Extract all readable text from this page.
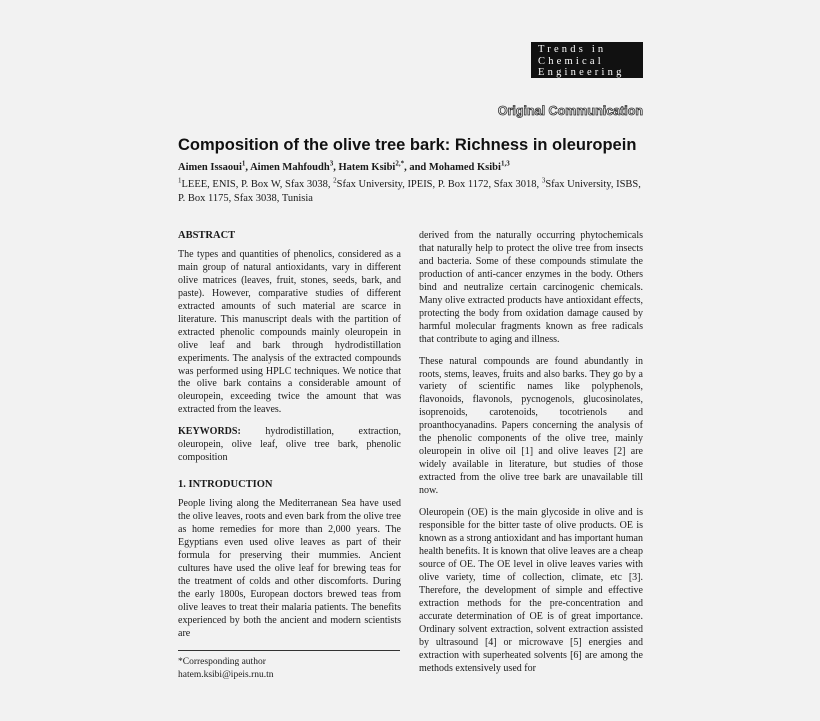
Trends in
Chemical
Engineering
Original Communication
Composition of the olive tree bark: Richness in oleuropein
Aimen Issaoui$^1$, Aimen Mahfoudh$^3$, Hatem Ksibi$^{2,*}$, and Mohamed Ksibi$^{1,3}$
$^1$LEEE, ENIS, P. Box W, Sfax 3038, $^2$Sfax University, IPEIS, P. Box 1172, Sfax 3018, $^3$Sfax University, ISBS, P. Box 1175, Sfax 3038, Tunisia
ABSTRACT

The types and quantities of phenolics, considered as a main group of natural antioxidants, vary in different olive matrices (leaves, fruit, stones, seeds, bark, and paste). However, comparative studies of different extracted amounts of such material are scarce in literature. This manuscript deals with the partition of extracted phenolic compounds mainly oleuropein in olive leaf and bark through hydrodistillation experiments. The analysis of the extracted compounds was performed using HPLC techniques. We notice that the olive bark contains a considerable amount of oleuropein, exceeding twice the amount that was extracted from the leaves.

KEYWORDS: hydrodistillation, extraction, oleuropein, olive leaf, olive tree bark, phenolic composition

1. INTRODUCTION

People living along the Mediterranean Sea have used the olive leaves, roots and even bark from the olive tree as home remedies for more than 2,000 years. The Egyptians even used olive leaves as part of their formula for preserving their mummies. Ancient cultures have used the olive leaf for brewing teas for the treatment of colds and other discomforts. During the early 1800s, European doctors brewed teas from olive leaves to treat their malaria patients. The benefits experienced by both the ancient and modern scientists are

*Corresponding author
hatem.ksibi@ipeis.rnu.tn

derived from the naturally occurring phytochemicals that naturally help to protect the olive tree from insects and bacteria. Some of these compounds stimulate the production of anti-cancer enzymes in the body. Others bind and neutralize certain carcinogenic chemicals. Many olive extracted products have antioxidant effects, protecting the body from oxidation damage caused by harmful molecular fragments known as free radicals that contribute to aging and illness.

These natural compounds are found abundantly in roots, stems, leaves, fruits and also barks. They go by a variety of scientific names like polyphenols, flavonoids, flavonols, pycnogenols, glucosinolates, isoprenoids, carotenoids, tocotrienols and proanthocyanadins. Papers concerning the analysis of the phenolic components of the olive tree, mainly oleuropein in olive oil [1] and olive leaves [2] are widely available in literature, but studies of those extracted from the olive tree bark are unavailable till now.

Oleuropein (OE) is the main glycoside in olive and is responsible for the bitter taste of olive products. OE is known as a strong antioxidant and has important human health benefits. It is known that olive leaves are a cheap source of OE. The OE level in olive leaves varies with olive variety, time of collection, climate, etc [3]. Therefore, the development of simple and effective extraction methods for the pre-concentration and accurate determination of OE is of great importance. Ordinary solvent extraction, solvent extraction assisted by ultrasound [4] or microwave [5] energies and extraction with superheated solvents [6] are among the methods extensively used for
